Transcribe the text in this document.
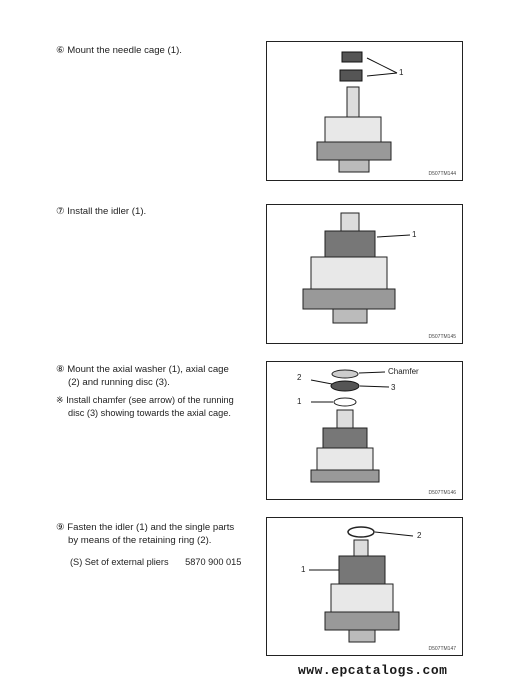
⑥ Mount the needle cage (1).
1
D507TM144
⑦ Install the idler (1).
1
D507TM145
⑧ Mount the axial washer (1), axial cage
(2) and running disc (3).
※ Install chamfer (see arrow) of the running
disc (3) showing towards the axial cage.
2
1
3
Chamfer
D507TM146
⑨ Fasten the idler (1) and the single parts
by means of the retaining ring (2).
(S) Set of external pliers 5870 900 015
2
1
D507TM147
www.epcatalogs.com
